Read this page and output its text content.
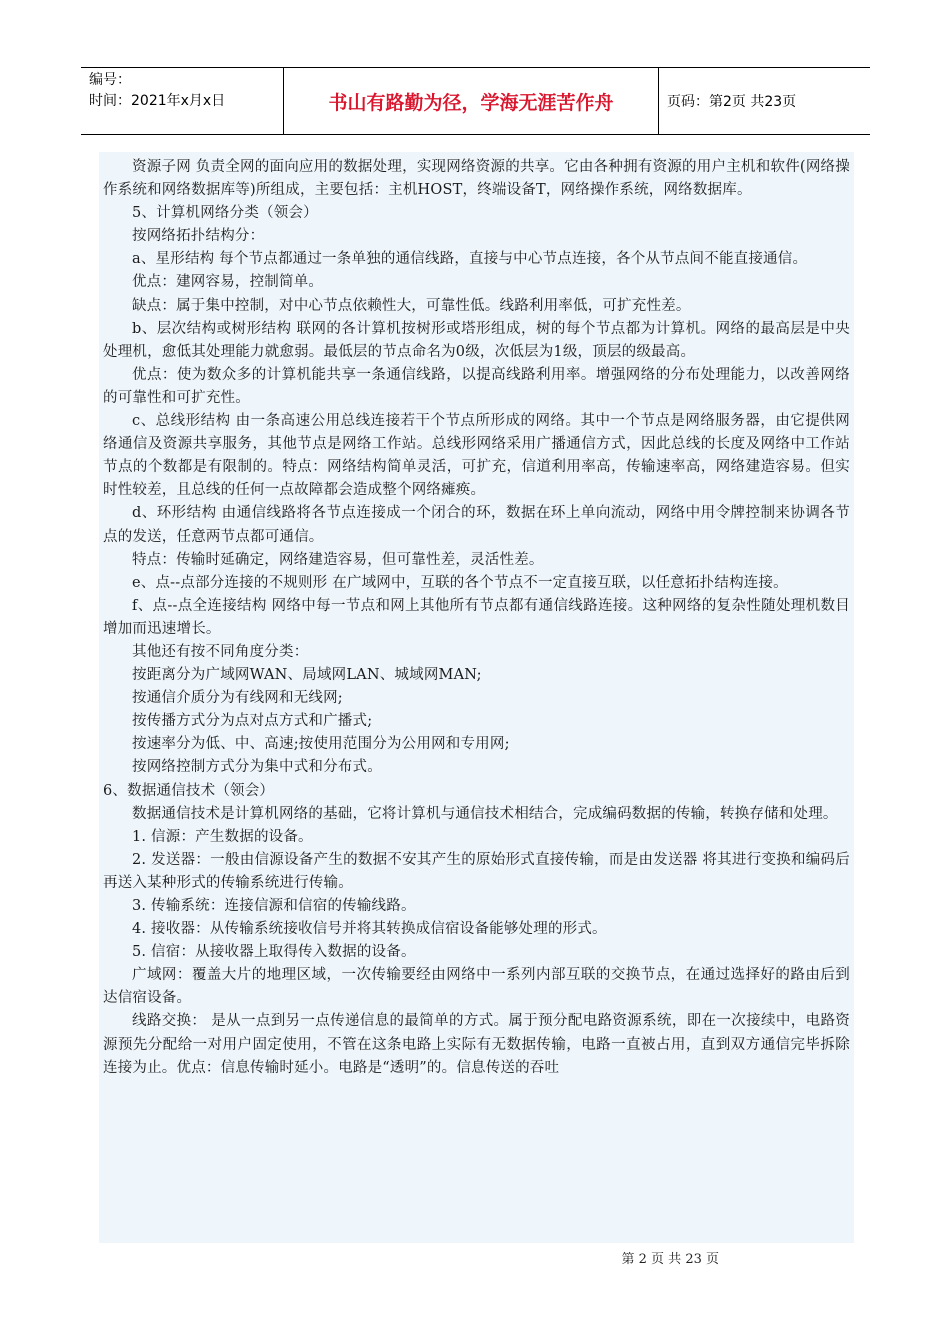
编号：
时间：2021年x月x日	书山有路勤为径，学海无涯苦作舟	页码：第2页 共23页

资源子网 负责全网的面向应用的数据处理，实现网络资源的共享。它由各种拥有资源的用户主机和软件(网络操作系统和网络数据库等)所组成，主要包括：主机HOST，终端设备T，网络操作系统，网络数据库。

5、计算机网络分类（领会）

按网络拓扑结构分：

a、星形结构 每个节点都通过一条单独的通信线路，直接与中心节点连接，各个从节点间不能直接通信。

优点：建网容易，控制简单。

缺点：属于集中控制，对中心节点依赖性大，可靠性低。线路利用率低，可扩充性差。

b、层次结构或树形结构 联网的各计算机按树形或塔形组成，树的每个节点都为计算机。网络的最高层是中央处理机，愈低其处理能力就愈弱。最低层的节点命名为0级，次低层为1级，顶层的级最高。

优点：使为数众多的计算机能共享一条通信线路，以提高线路利用率。增强网络的分布处理能力，以改善网络的可靠性和可扩充性。

c、总线形结构 由一条高速公用总线连接若干个节点所形成的网络。其中一个节点是网络服务器，由它提供网络通信及资源共享服务，其他节点是网络工作站。总线形网络采用广播通信方式，因此总线的长度及网络中工作站节点的个数都是有限制的。特点：网络结构简单灵活，可扩充，信道利用率高，传输速率高，网络建造容易。但实时性较差，且总线的任何一点故障都会造成整个网络瘫痪。

d、环形结构 由通信线路将各节点连接成一个闭合的环，数据在环上单向流动，网络中用令牌控制来协调各节点的发送，任意两节点都可通信。

特点：传输时延确定，网络建造容易，但可靠性差，灵活性差。

e、点--点部分连接的不规则形 在广域网中，互联的各个节点不一定直接互联，以任意拓扑结构连接。

f、点--点全连接结构 网络中每一节点和网上其他所有节点都有通信线路连接。这种网络的复杂性随处理机数目增加而迅速增长。

其他还有按不同角度分类：

按距离分为广域网WAN、局域网LAN、城域网MAN;

按通信介质分为有线网和无线网;

按传播方式分为点对点方式和广播式;

按速率分为低、中、高速;按使用范围分为公用网和专用网;

按网络控制方式分为集中式和分布式。

6、数据通信技术（领会）

数据通信技术是计算机网络的基础，它将计算机与通信技术相结合，完成编码数据的传输，转换存储和处理。

1. 信源：产生数据的设备。

2. 发送器：一般由信源设备产生的数据不安其产生的原始形式直接传输，而是由发送器 将其进行变换和编码后再送入某种形式的传输系统进行传输。

3. 传输系统：连接信源和信宿的传输线路。

4. 接收器：从传输系统接收信号并将其转换成信宿设备能够处理的形式。

5. 信宿：从接收器上取得传入数据的设备。

广域网：覆盖大片的地理区域，一次传输要经由网络中一系列内部互联的交换节点，在通过选择好的路由后到达信宿设备。

线路交换： 是从一点到另一点传递信息的最简单的方式。属于预分配电路资源系统，即在一次接续中，电路资源预先分配给一对用户固定使用，不管在这条电路上实际有无数据传输，电路一直被占用，直到双方通信完毕拆除连接为止。优点：信息传输时延小。电路是“透明”的。信息传送的吞吐

第 2 页 共 23 页
